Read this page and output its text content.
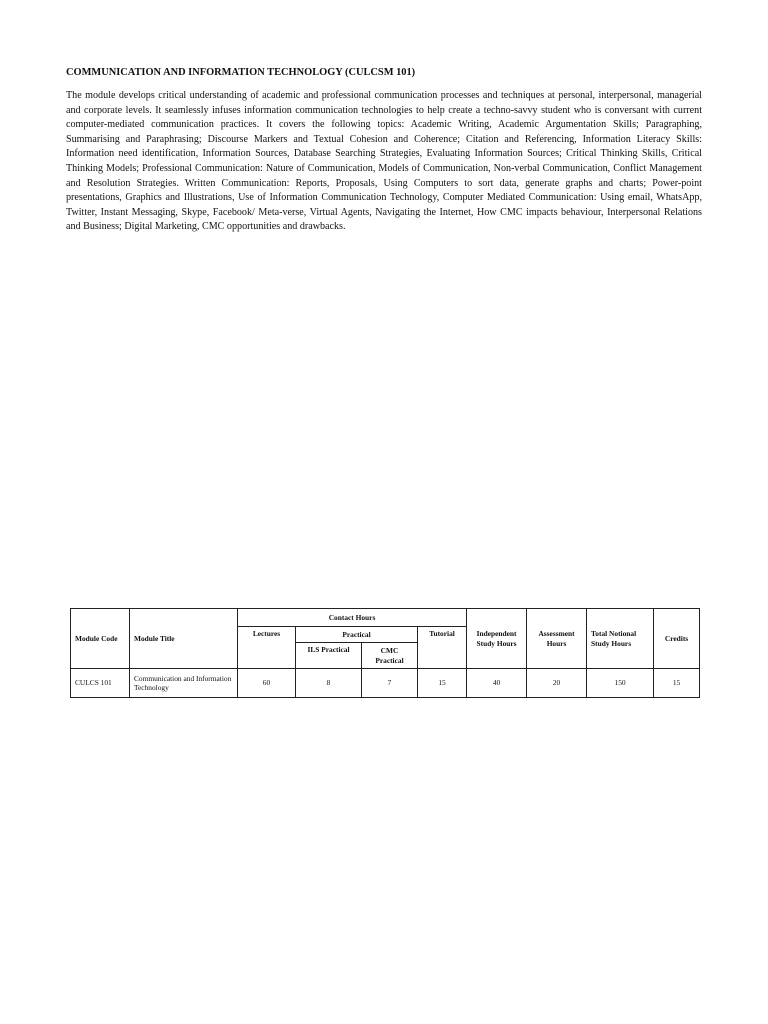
COMMUNICATION AND INFORMATION TECHNOLOGY (CULCSM 101)

The module develops critical understanding of academic and professional communication processes and techniques at personal, interpersonal, managerial and corporate levels. It seamlessly infuses information communication technologies to help create a techno-savvy student who is conversant with current computer-mediated communication practices. It covers the following topics: Academic Writing, Academic Argumentation Skills; Paragraphing, Summarising and Paraphrasing; Discourse Markers and Textual Cohesion and Coherence; Citation and Referencing, Information Literacy Skills: Information need identification, Information Sources, Database Searching Strategies, Evaluating Information Sources; Critical Thinking Skills, Critical Thinking Models; Professional Communication: Nature of Communication, Models of Communication, Non-verbal Communication, Conflict Management and Resolution Strategies. Written Communication: Reports, Proposals, Using Computers to sort data, generate graphs and charts; Power-point presentations, Graphics and Illustrations, Use of Information Communication Technology, Computer Mediated Communication: Using email, WhatsApp, Twitter, Instant Messaging, Skype, Facebook/ Meta-verse, Virtual Agents, Navigating the Internet, How CMC impacts behaviour, Interpersonal Relations and Business; Digital Marketing, CMC opportunities and drawbacks.

Module Code	Module Title	Contact Hours				Independent Study Hours	Assessment Hours	Total Notional Study Hours	Credits
		Lectures	Practical		Tutorial				
			ILS Practical	CMC Practical					
CULCS 101	Communication and Information Technology	60	8	7	15	40	20	150	15
